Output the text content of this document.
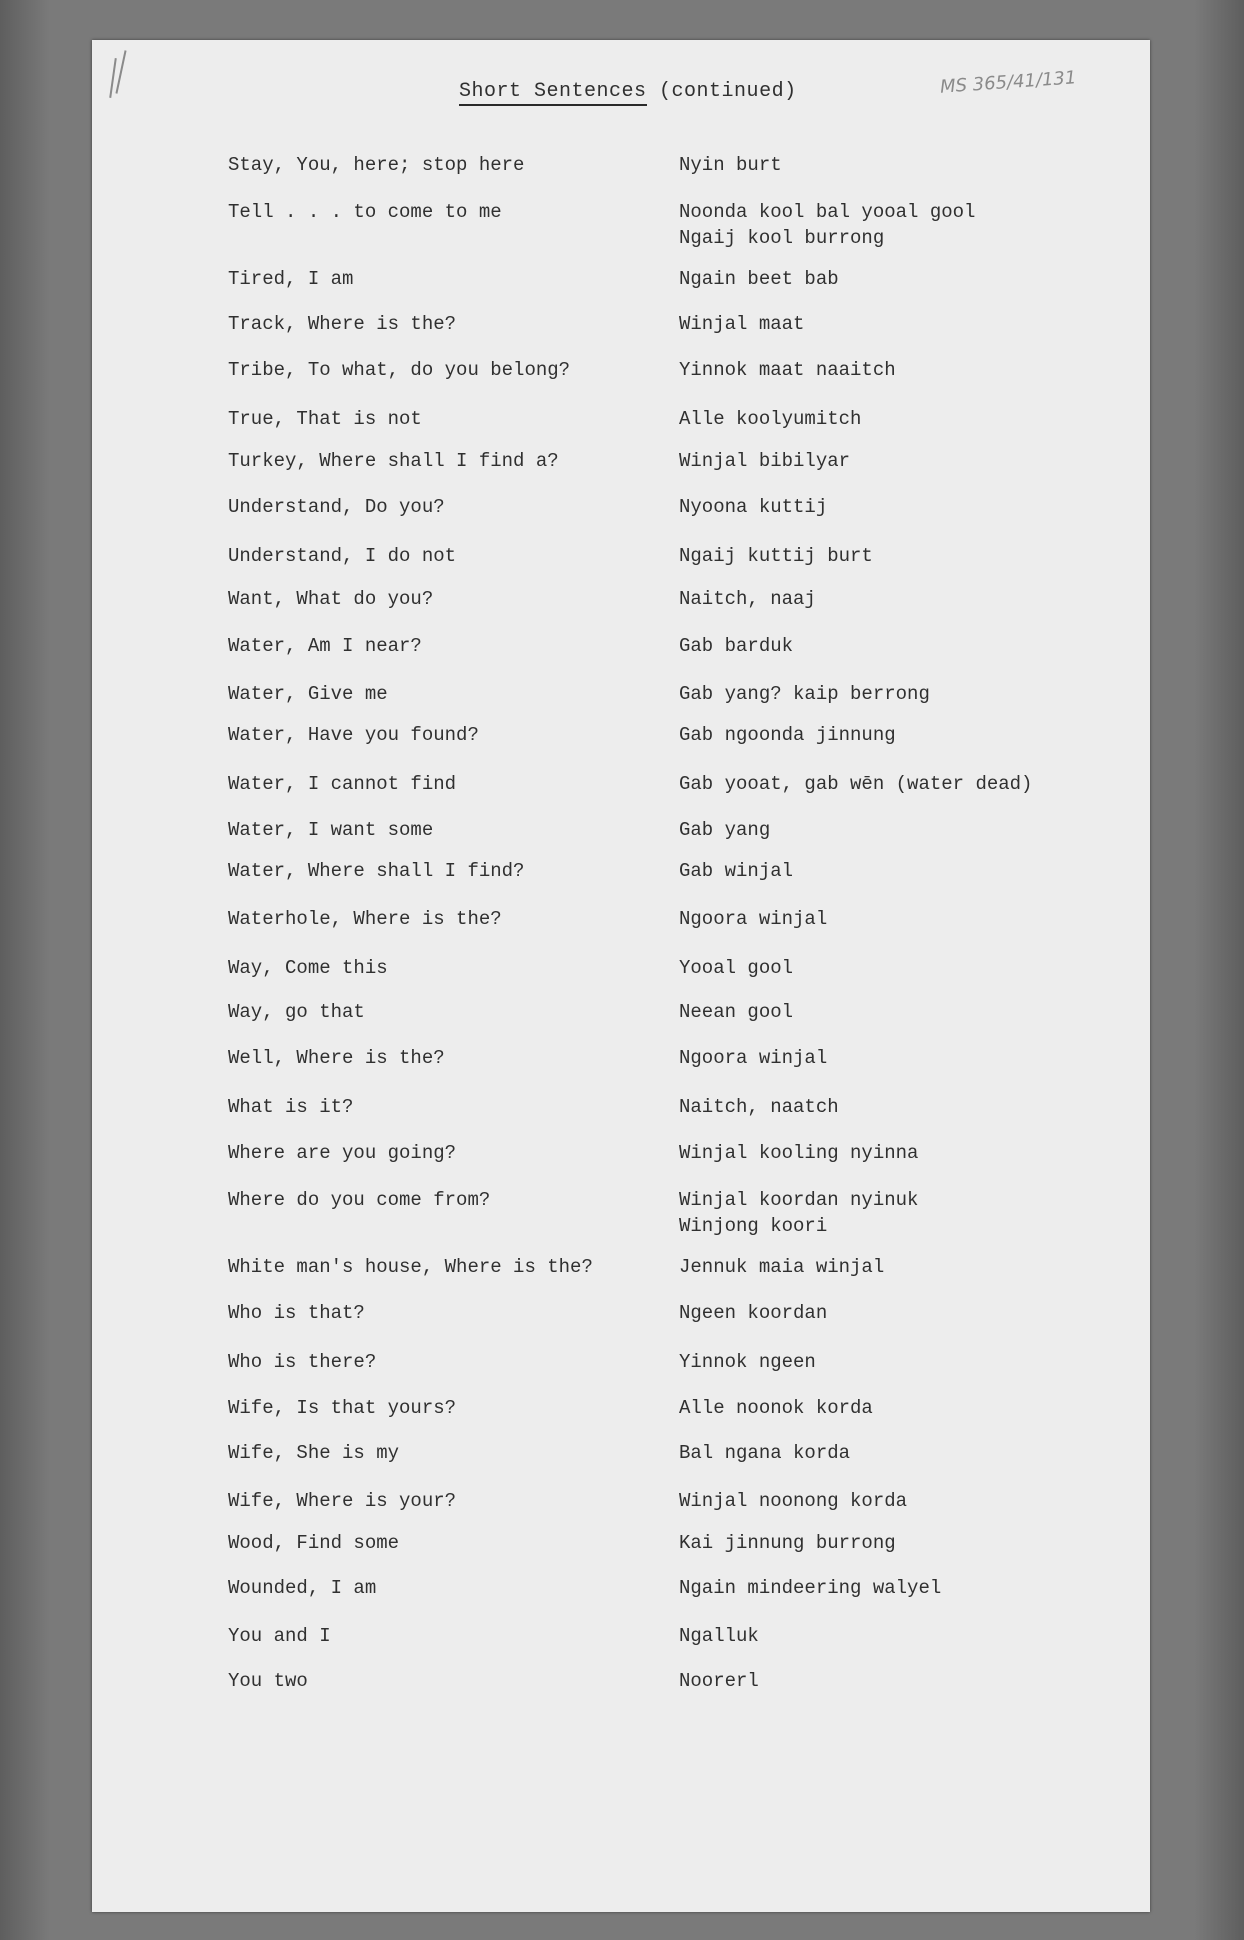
Short Sentences (continued)	MS 365/41/131
Stay, You, here; stop here	Nyin burt
Tell . . . to come to me	Noonda kool bal yooal gool
Ngaij kool burrong
Tired, I am	Ngain beet bab
Track, Where is the?	Winjal maat
Tribe, To what, do you belong?	Yinnok maat naaitch
True, That is not	Alle koolyumitch
Turkey, Where shall I find a?	Winjal bibilyar
Understand, Do you?	Nyoona kuttij
Understand, I do not	Ngaij kuttij burt
Want, What do you?	Naitch, naaj
Water, Am I near?	Gab barduk
Water, Give me	Gab yang? kaip berrong
Water, Have you found?	Gab ngoonda jinnung
Water, I cannot find	Gab yooat, gab wēn (water dead)
Water, I want some	Gab yang
Water, Where shall I find?	Gab winjal
Waterhole, Where is the?	Ngoora winjal
Way, Come this	Yooal gool
Way, go that	Neean gool
Well, Where is the?	Ngoora winjal
What is it?	Naitch, naatch
Where are you going?	Winjal kooling nyinna
Where do you come from?	Winjal koordan nyinuk
Winjong koori
White man's house, Where is the?	Jennuk maia winjal
Who is that?	Ngeen koordan
Who is there?	Yinnok ngeen
Wife, Is that yours?	Alle noonok korda
Wife, She is my	Bal ngana korda
Wife, Where is your?	Winjal noonong korda
Wood, Find some	Kai jinnung burrong
Wounded, I am	Ngain mindeering walyel
You and I	Ngalluk
You two	Noorerl
